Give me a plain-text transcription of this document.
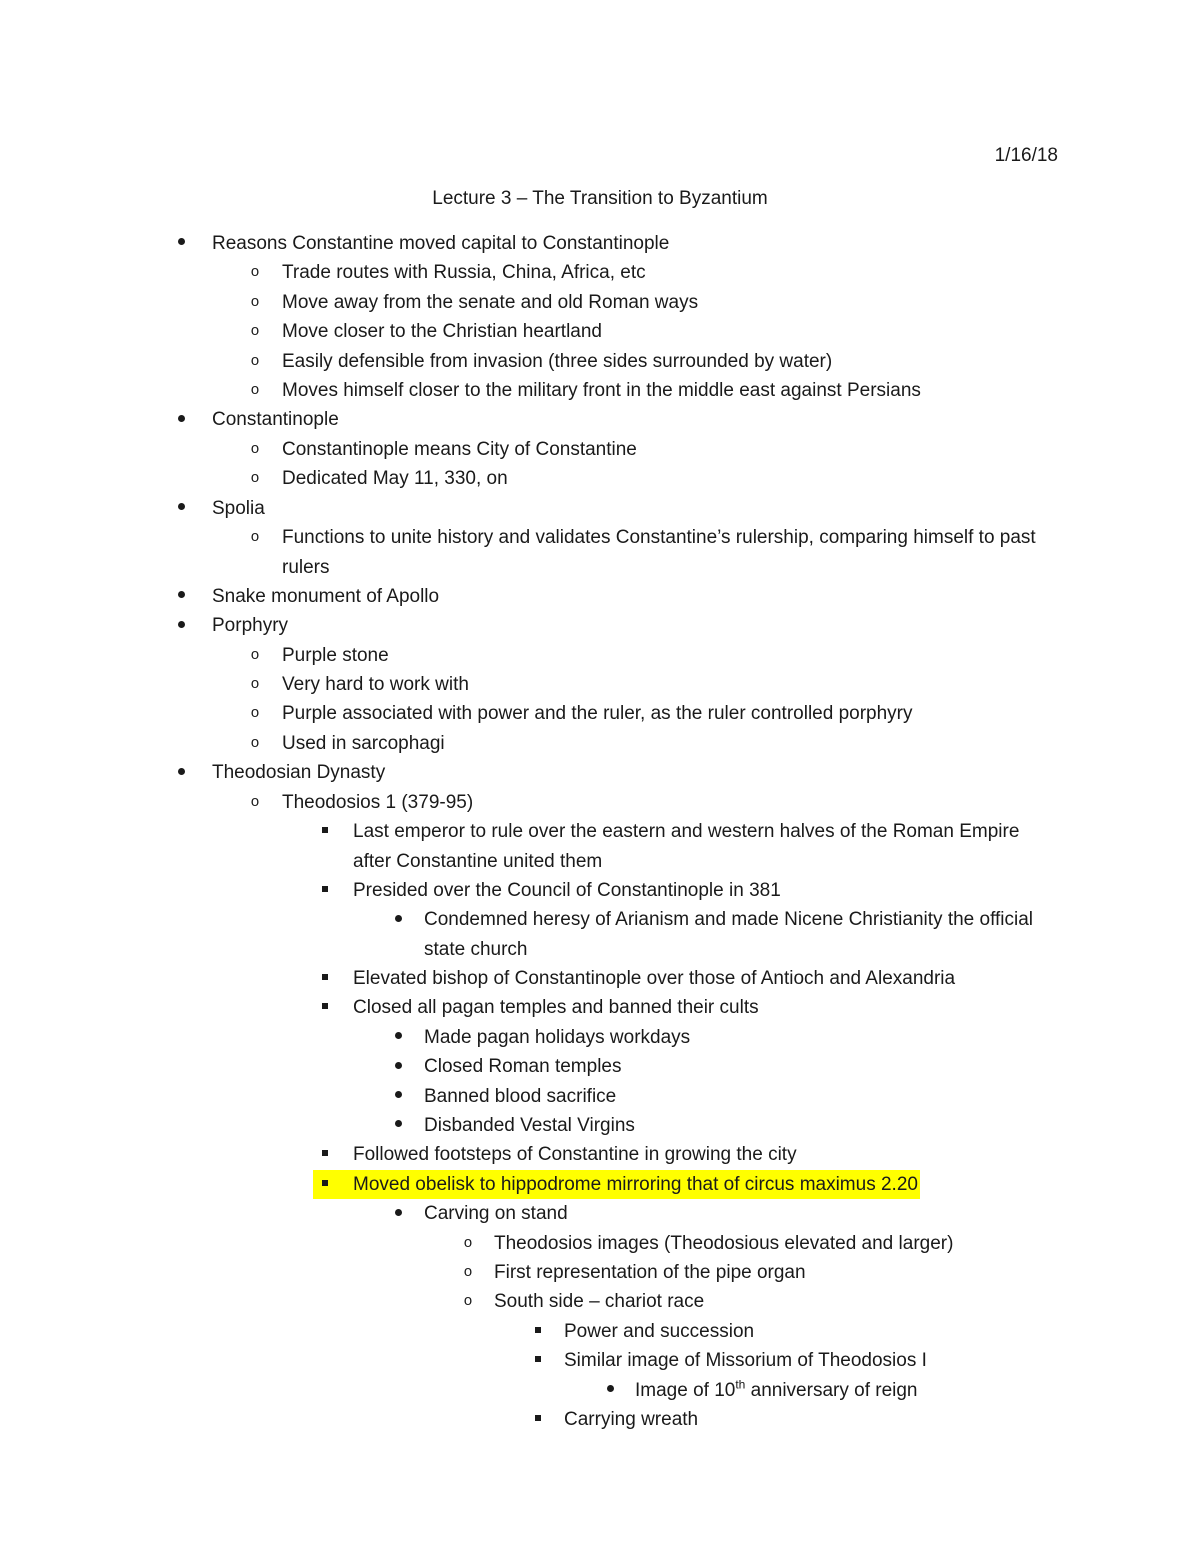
1/16/18
Lecture 3 – The Transition to Byzantium
Reasons Constantine moved capital to Constantinople
o Trade routes with Russia, China, Africa, etc
o Move away from the senate and old Roman ways
o Move closer to the Christian heartland
o Easily defensible from invasion (three sides surrounded by water)
o Moves himself closer to the military front in the middle east against Persians
Constantinople
o Constantinople means City of Constantine
o Dedicated May 11, 330, on
Spolia
o Functions to unite history and validates Constantine’s rulership, comparing himself to past rulers
Snake monument of Apollo
Porphyry
o Purple stone
o Very hard to work with
o Purple associated with power and the ruler, as the ruler controlled porphyry
o Used in sarcophagi
Theodosian Dynasty
o Theodosios 1 (379-95)
Last emperor to rule over the eastern and western halves of the Roman Empire after Constantine united them
Presided over the Council of Constantinople in 381
Condemned heresy of Arianism and made Nicene Christianity the official state church
Elevated bishop of Constantinople over those of Antioch and Alexandria
Closed all pagan temples and banned their cults
Made pagan holidays workdays
Closed Roman temples
Banned blood sacrifice
Disbanded Vestal Virgins
Followed footsteps of Constantine in growing the city
Moved obelisk to hippodrome mirroring that of circus maximus 2.20
Carving on stand
o Theodosios images (Theodosious elevated and larger)
o First representation of the pipe organ
o South side – chariot race
Power and succession
Similar image of Missorium of Theodosios I
Image of 10th anniversary of reign
Carrying wreath
